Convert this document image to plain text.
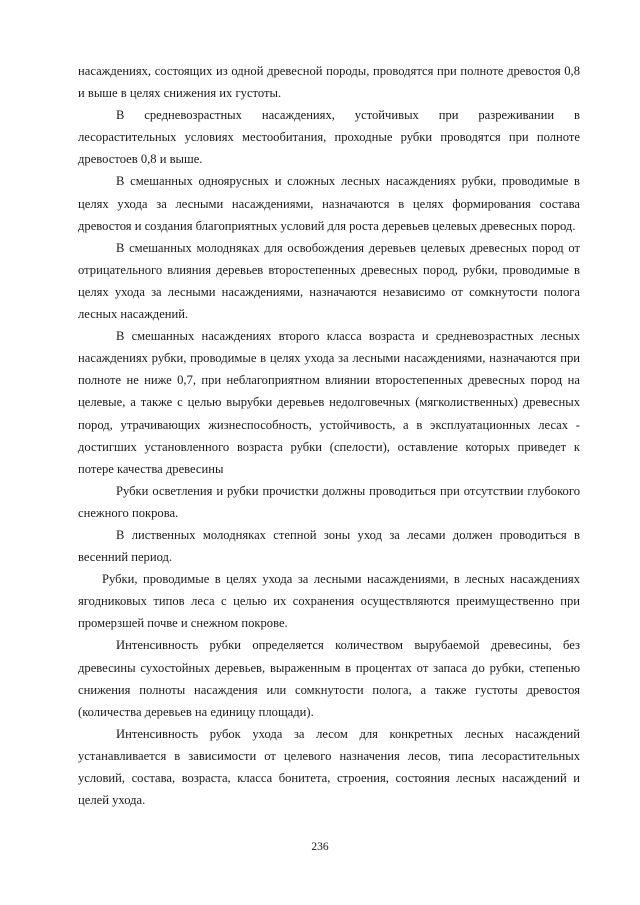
насаждениях, состоящих из одной древесной породы, проводятся при полноте древостоя 0,8 и выше в целях снижения их густоты.

В средневозрастных насаждениях, устойчивых при разреживании в лесорастительных условиях местообитания, проходные рубки проводятся при полноте древостоев 0,8 и выше.

В смешанных одноярусных и сложных лесных насаждениях рубки, проводимые в целях ухода за лесными насаждениями, назначаются в целях формирования состава древостоя и создания благоприятных условий для роста деревьев целевых древесных пород.

В смешанных молодняках для освобождения деревьев целевых древесных пород от отрицательного влияния деревьев второстепенных древесных пород, рубки, проводимые в целях ухода за лесными насаждениями, назначаются независимо от сомкнутости полога лесных насаждений.

В смешанных насаждениях второго класса возраста и средневозрастных лесных насаждениях рубки, проводимые в целях ухода за лесными насаждениями, назначаются при полноте не ниже 0,7, при неблагоприятном влиянии второстепенных древесных пород на целевые, а также с целью вырубки деревьев недолговечных (мягколиственных) древесных пород, утрачивающих жизнеспособность, устойчивость, а в эксплуатационных лесах - достигших установленного возраста рубки (спелости), оставление которых приведет к потере качества древесины

Рубки осветления и рубки прочистки должны проводиться при отсутствии глубокого снежного покрова.

В лиственных молодняках степной зоны уход за лесами должен проводиться в весенний период.

Рубки, проводимые в целях ухода за лесными насаждениями, в лесных насаждениях ягодниковых типов леса с целью их сохранения осуществляются преимущественно при промерзшей почве и снежном покрове.

Интенсивность рубки определяется количеством вырубаемой древесины, без древесины сухостойных деревьев, выраженным в процентах от запаса до рубки, степенью снижения полноты насаждения или сомкнутости полога, а также густоты древостоя (количества деревьев на единицу площади).

Интенсивность рубок ухода за лесом для конкретных лесных насаждений устанавливается в зависимости от целевого назначения лесов, типа лесорастительных условий, состава, возраста, класса бонитета, строения, состояния лесных насаждений и целей ухода.

236
